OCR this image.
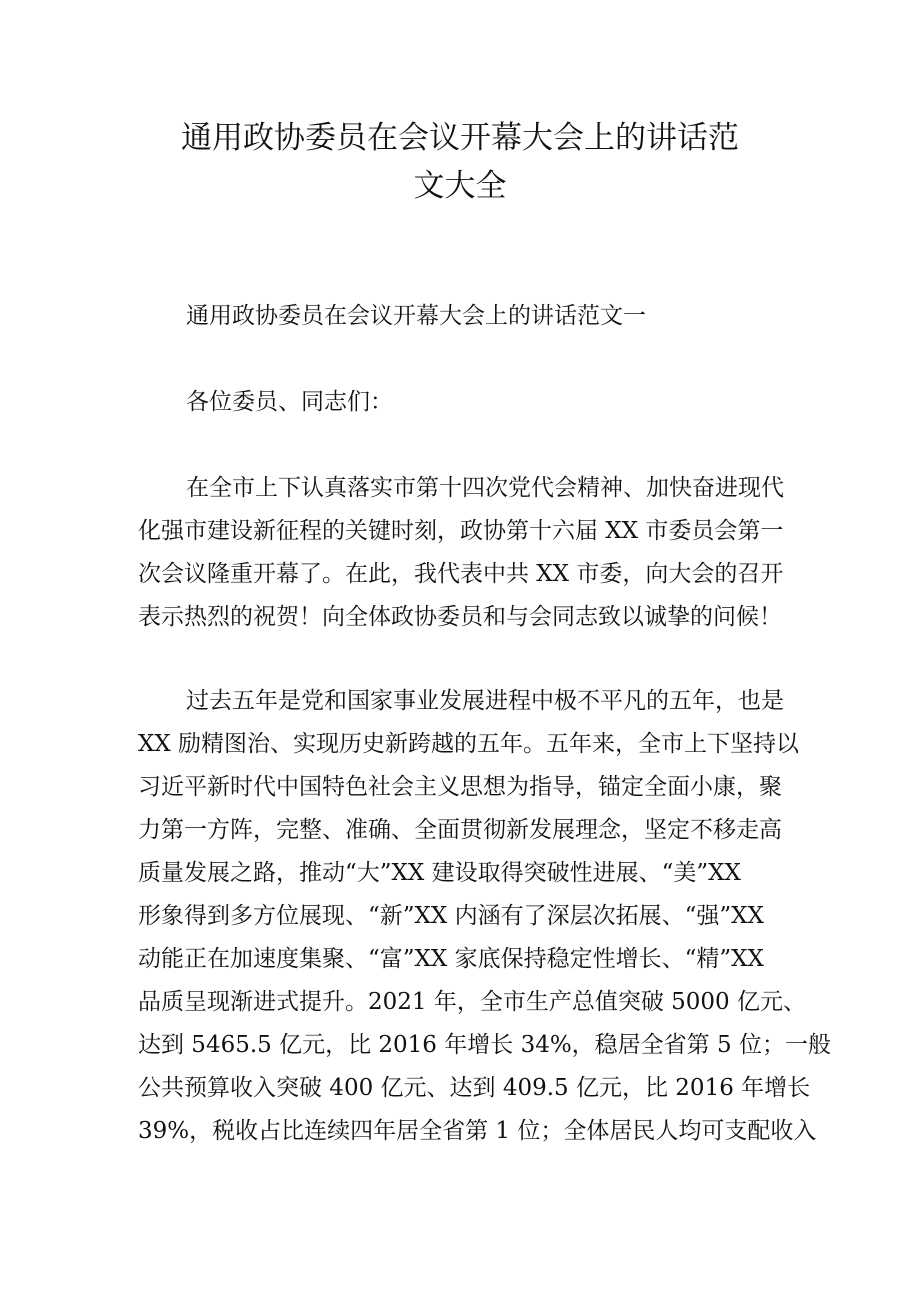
通用政协委员在会议开幕大会上的讲话范
文大全

通用政协委员在会议开幕大会上的讲话范文一

各位委员、同志们：

在全市上下认真落实市第十四次党代会精神、加快奋进现代
化强市建设新征程的关键时刻，政协第十六届 XX 市委员会第一
次会议隆重开幕了。在此，我代表中共 XX 市委，向大会的召开
表示热烈的祝贺！向全体政协委员和与会同志致以诚挚的问候！
过去五年是党和国家事业发展进程中极不平凡的五年，也是
XX 励精图治、实现历史新跨越的五年。五年来，全市上下坚持以
习近平新时代中国特色社会主义思想为指导，锚定全面小康，聚
力第一方阵，完整、准确、全面贯彻新发展理念，坚定不移走高
质量发展之路，推动“大”XX 建设取得突破性进展、“美”XX
形象得到多方位展现、“新”XX 内涵有了深层次拓展、“强”XX
动能正在加速度集聚、“富”XX 家底保持稳定性增长、“精”XX
品质呈现渐进式提升。2021 年，全市生产总值突破 5000 亿元、
达到 5465.5 亿元，比 2016 年增长 34%，稳居全省第 5 位；一般
公共预算收入突破 400 亿元、达到 409.5 亿元，比 2016 年增长
39%，税收占比连续四年居全省第 1 位；全体居民人均可支配收入
